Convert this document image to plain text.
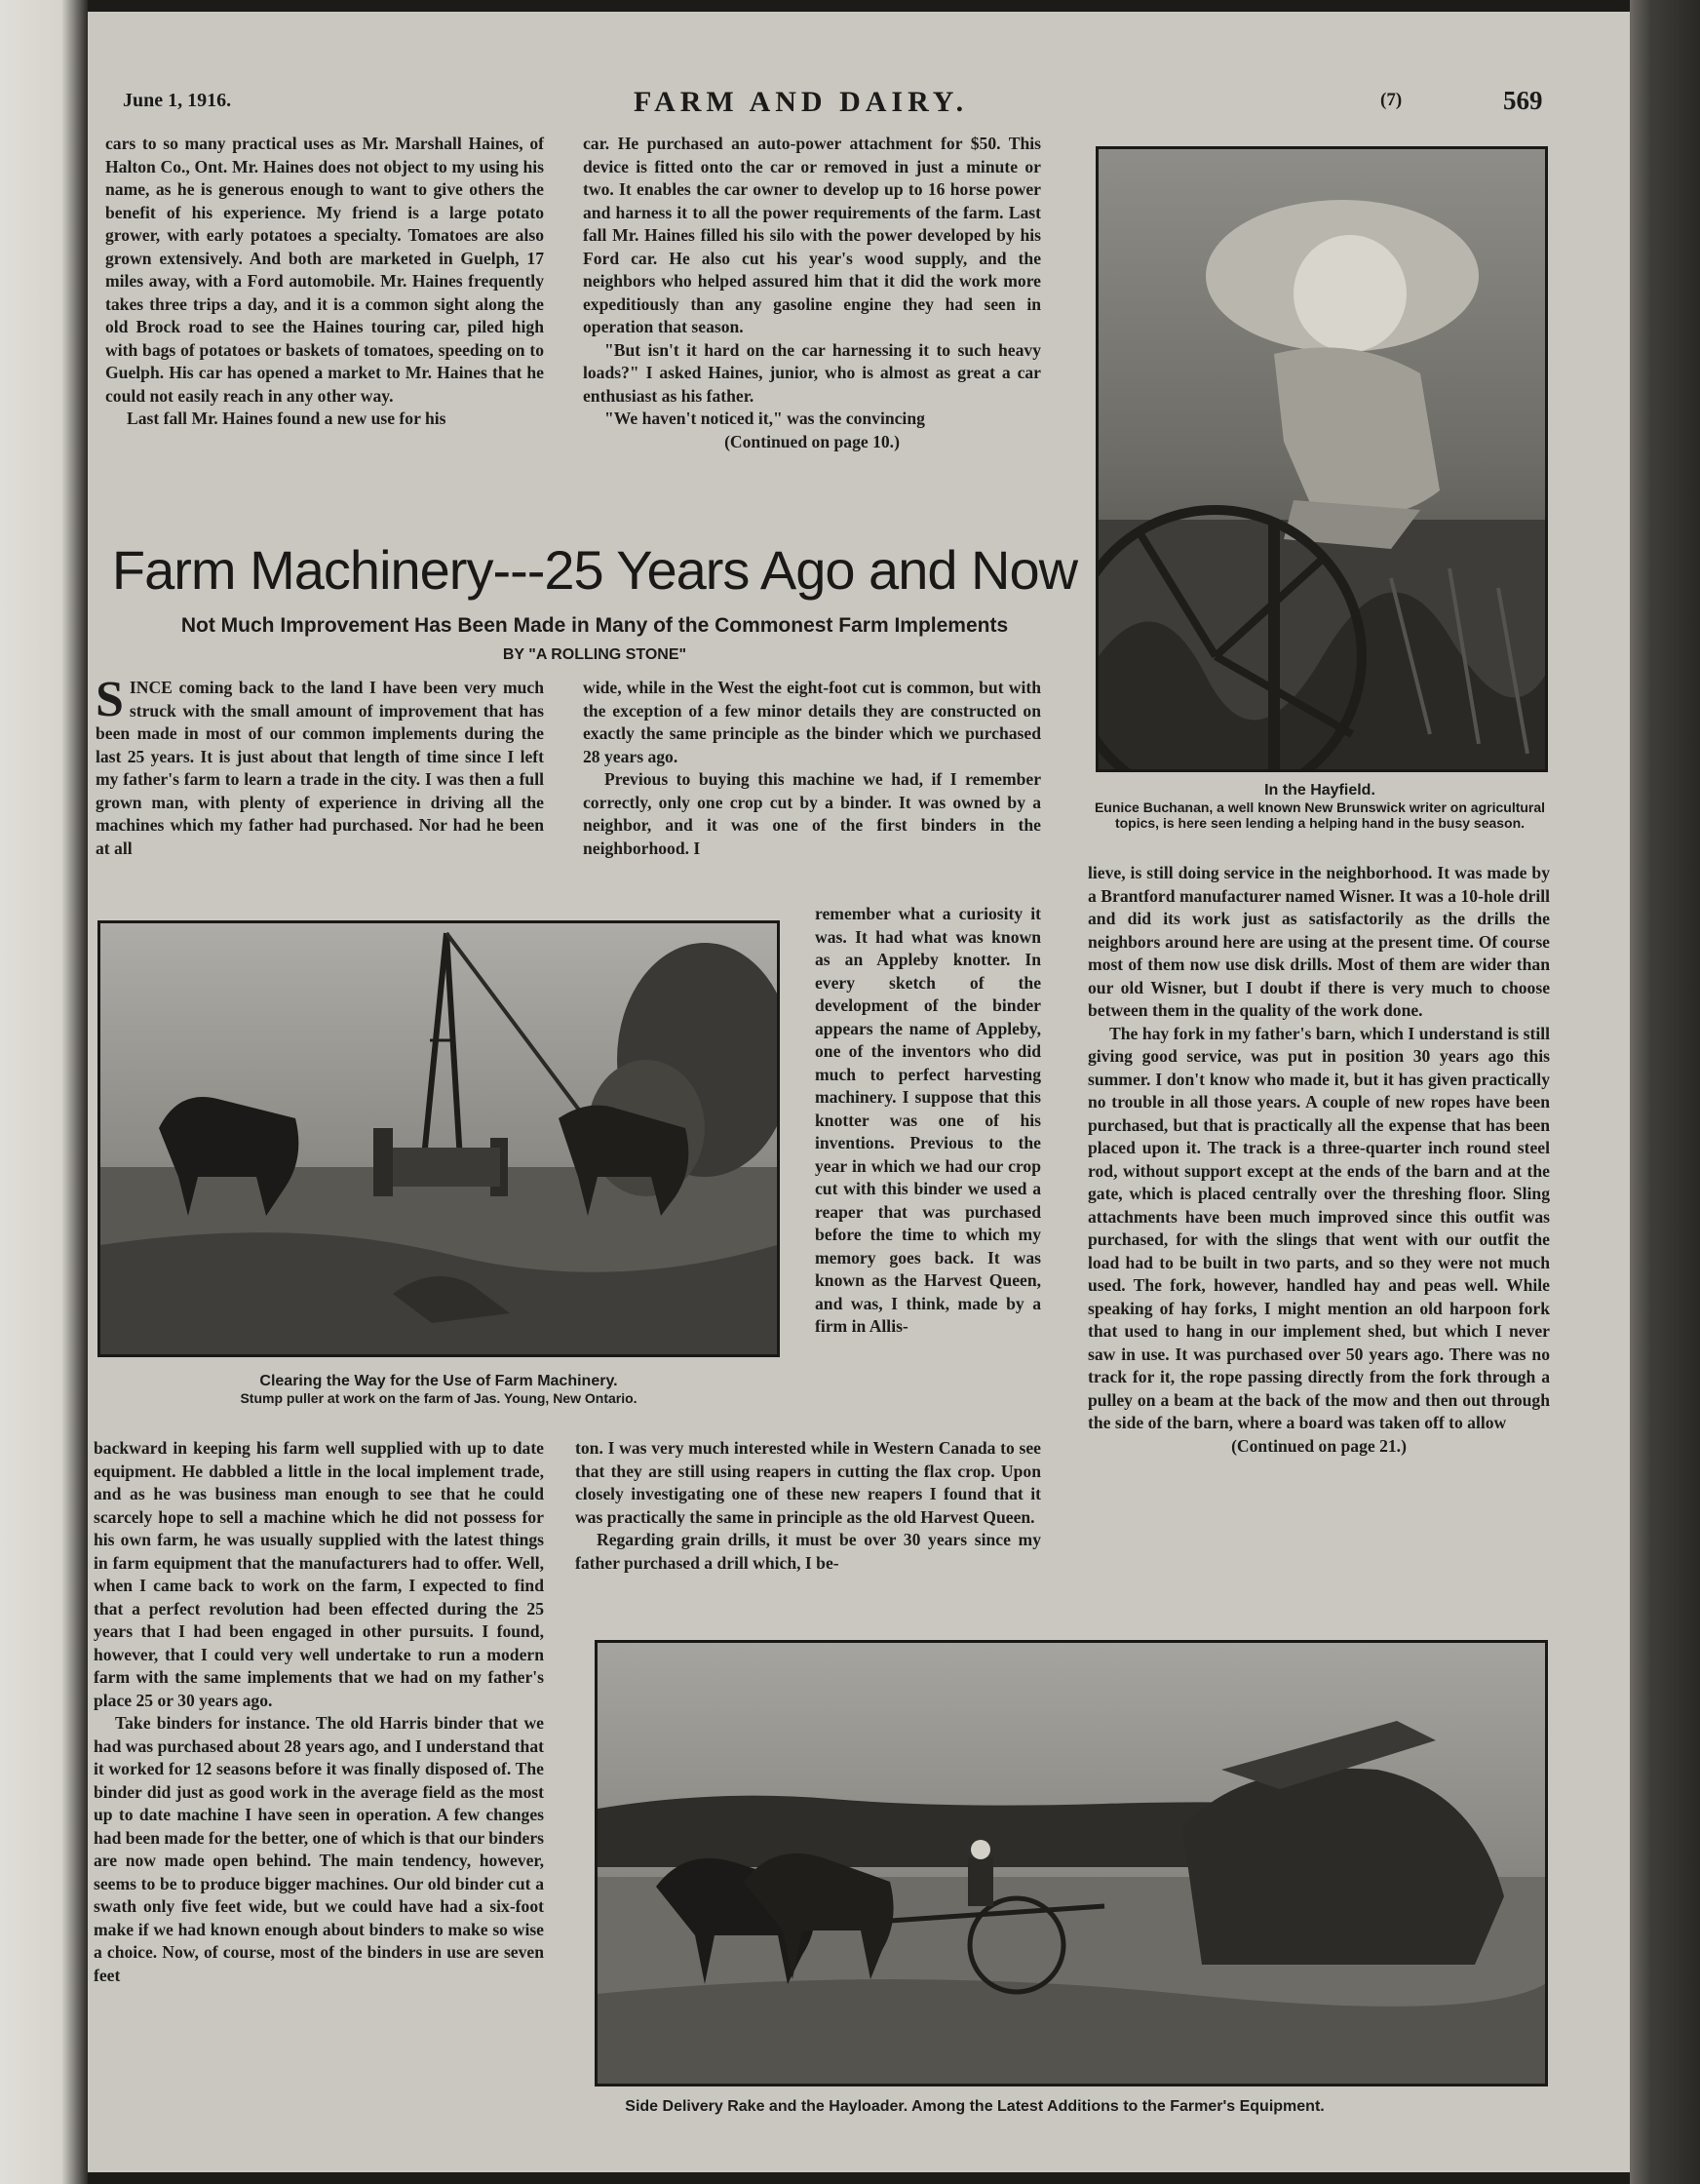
June 1, 1916.	FARM AND DAIRY.	(7)	569

cars to so many practical uses as Mr. Marshall Haines, of Halton Co., Ont. Mr. Haines does not object to my using his name, as he is generous enough to want to give others the benefit of his experience. My friend is a large potato grower, with early potatoes a specialty. Tomatoes are also grown extensively. And both are marketed in Guelph, 17 miles away, with a Ford automobile. Mr. Haines frequently takes three trips a day, and it is a common sight along the old Brock road to see the Haines touring car, piled high with bags of potatoes or baskets of tomatoes, speeding on to Guelph. His car has opened a market to Mr. Haines that he could not easily reach in any other way.

Last fall Mr. Haines found a new use for his

car. He purchased an auto-power attachment for $50. This device is fitted onto the car or removed in just a minute or two. It enables the car owner to develop up to 16 horse power and harness it to all the power requirements of the farm. Last fall Mr. Haines filled his silo with the power developed by his Ford car. He also cut his year's wood supply, and the neighbors who helped assured him that it did the work more expeditiously than any gasoline engine they had seen in operation that season.

"But isn't it hard on the car harnessing it to such heavy loads?" I asked Haines, junior, who is almost as great a car enthusiast as his father.

"We haven't noticed it," was the convincing

(Continued on page 10.)
In the Hayfield.
Eunice Buchanan, a well known New Brunswick writer on agricultural topics, is here seen lending a helping hand in the busy season.
Farm Machinery---25 Years Ago and Now
Not Much Improvement Has Been Made in Many of the Commonest Farm Implements
BY "A ROLLING STONE"

SINCE coming back to the land I have been very much struck with the small amount of improvement that has been made in most of our common implements during the last 25 years. It is just about that length of time since I left my father's farm to learn a trade in the city. I was then a full grown man, with plenty of experience in driving all the machines which my father had purchased. Nor had he been at all

wide, while in the West the eight-foot cut is common, but with the exception of a few minor details they are constructed on exactly the same principle as the binder which we purchased 28 years ago.

Previous to buying this machine we had, if I remember correctly, only one crop cut by a binder. It was owned by a neighbor, and it was one of the first binders in the neighborhood. I

Clearing the Way for the Use of Farm Machinery.
Stump puller at work on the farm of Jas. Young, New Ontario.

remember what a curiosity it was. It had what was known as an Appleby knotter. In every sketch of the development of the binder appears the name of Appleby, one of the inventors who did much to perfect harvesting machinery. I suppose that this knotter was one of his inventions. Previous to the year in which we had our crop cut with this binder we used a reaper that was purchased before the time to which my memory goes back. It was known as the Harvest Queen, and was, I think, made by a firm in Allis-

backward in keeping his farm well supplied with up to date equipment. He dabbled a little in the local implement trade, and as he was business man enough to see that he could scarcely hope to sell a machine which he did not possess for his own farm, he was usually supplied with the latest things in farm equipment that the manufacturers had to offer. Well, when I came back to work on the farm, I expected to find that a perfect revolution had been effected during the 25 years that I had been engaged in other pursuits. I found, however, that I could very well undertake to run a modern farm with the same implements that we had on my father's place 25 or 30 years ago.

Take binders for instance. The old Harris binder that we had was purchased about 28 years ago, and I understand that it worked for 12 seasons before it was finally disposed of. The binder did just as good work in the average field as the most up to date machine I have seen in operation. A few changes had been made for the better, one of which is that our binders are now made open behind. The main tendency, however, seems to be to produce bigger machines. Our old binder cut a swath only five feet wide, but we could have had a six-foot make if we had known enough about binders to make so wise a choice. Now, of course, most of the binders in use are seven feet

ton. I was very much interested while in Western Canada to see that they are still using reapers in cutting the flax crop. Upon closely investigating one of these new reapers I found that it was practically the same in principle as the old Harvest Queen.

Regarding grain drills, it must be over 30 years since my father purchased a drill which, I be-

lieve, is still doing service in the neighborhood. It was made by a Brantford manufacturer named Wisner. It was a 10-hole drill and did its work just as satisfactorily as the drills the neighbors around here are using at the present time. Of course most of them now use disk drills. Most of them are wider than our old Wisner, but I doubt if there is very much to choose between them in the quality of the work done.

The hay fork in my father's barn, which I understand is still giving good service, was put in position 30 years ago this summer. I don't know who made it, but it has given practically no trouble in all those years. A couple of new ropes have been purchased, but that is practically all the expense that has been placed upon it. The track is a three-quarter inch round steel rod, without support except at the ends of the barn and at the gate, which is placed centrally over the threshing floor. Sling attachments have been much improved since this outfit was purchased, for with the slings that went with our outfit the load had to be built in two parts, and so they were not much used. The fork, however, handled hay and peas well. While speaking of hay forks, I might mention an old harpoon fork that used to hang in our implement shed, but which I never saw in use. It was purchased over 50 years ago. There was no track for it, the rope passing directly from the fork through a pulley on a beam at the back of the mow and then out through the side of the barn, where a board was taken off to allow

(Continued on page 21.)
Side Delivery Rake and the Hayloader. Among the Latest Additions to the Farmer's Equipment.
